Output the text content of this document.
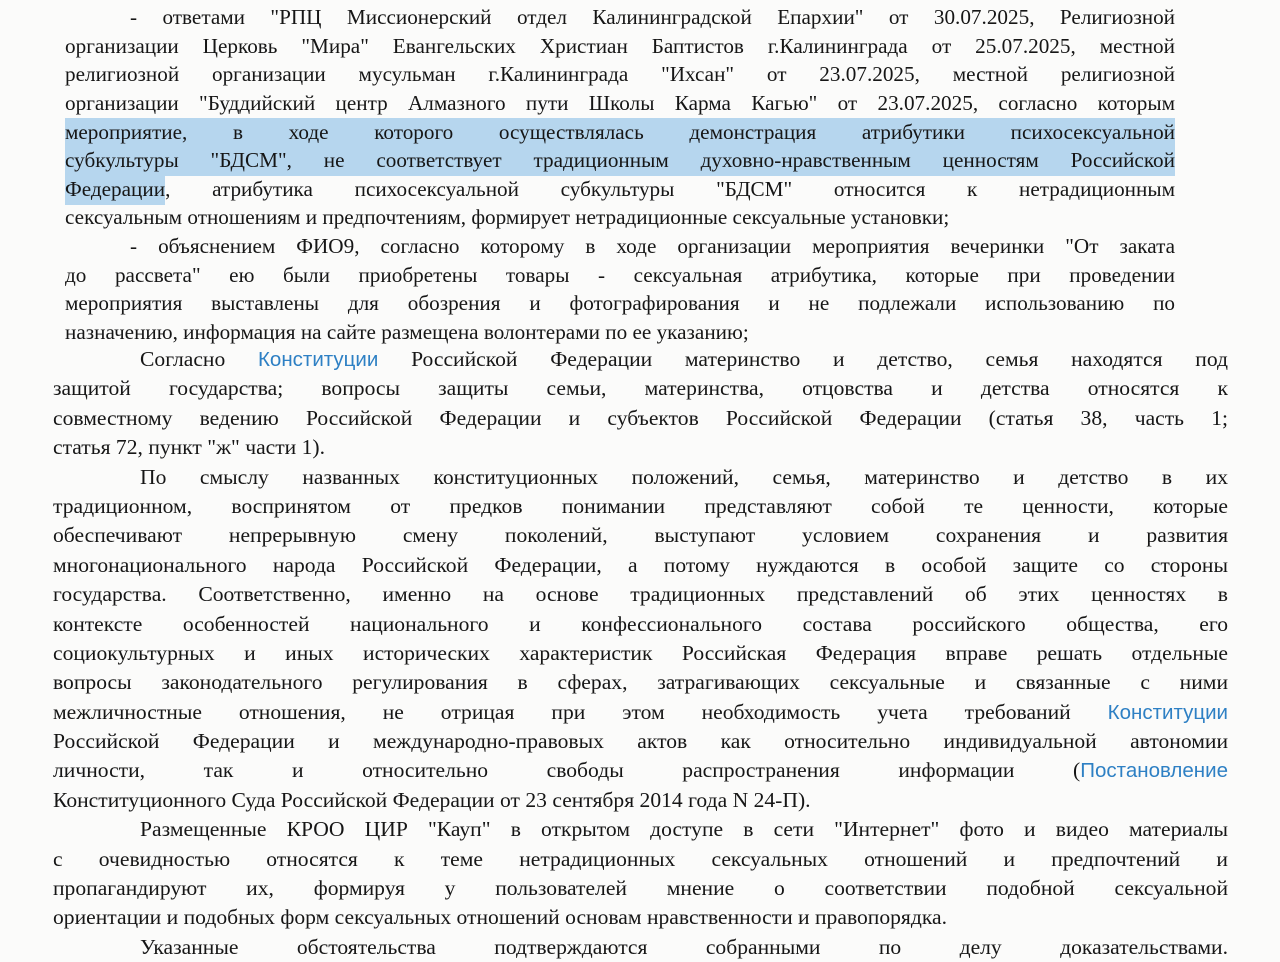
- ответами "РПЦ Миссионерский отдел Калининградской Епархии" от 30.07.2025, Религиозной
организации Церковь "Мира" Евангельских Христиан Баптистов г.Калининграда от 25.07.2025, местной
религиозной организации мусульман г.Калининграда "Ихсан" от 23.07.2025, местной религиозной
организации "Буддийский центр Алмазного пути Школы Карма Кагью" от 23.07.2025, согласно которым
мероприятие, в ходе которого осуществлялась демонстрация атрибутики психосексуальной
субкультуры "БДСМ", не соответствует традиционным духовно-нравственным ценностям Российской
Федерации, атрибутика психосексуальной субкультуры "БДСМ" относится к нетрадиционным
сексуальным отношениям и предпочтениям, формирует нетрадиционные сексуальные установки;
- объяснением ФИО9, согласно которому в ходе организации мероприятия вечеринки "От заката
до рассвета" ею были приобретены товары - сексуальная атрибутика, которые при проведении
мероприятия выставлены для обозрения и фотографирования и не подлежали использованию по
назначению, информация на сайте размещена волонтерами по ее указанию;
Согласно Конституции Российской Федерации материнство и детство, семья находятся под
защитой государства; вопросы защиты семьи, материнства, отцовства и детства относятся к
совместному ведению Российской Федерации и субъектов Российской Федерации (статья 38, часть 1;
статья 72, пункт "ж" части 1).
По смыслу названных конституционных положений, семья, материнство и детство в их
традиционном, воспринятом от предков понимании представляют собой те ценности, которые
обеспечивают непрерывную смену поколений, выступают условием сохранения и развития
многонационального народа Российской Федерации, а потому нуждаются в особой защите со стороны
государства. Соответственно, именно на основе традиционных представлений об этих ценностях в
контексте особенностей национального и конфессионального состава российского общества, его
социокультурных и иных исторических характеристик Российская Федерация вправе решать отдельные
вопросы законодательного регулирования в сферах, затрагивающих сексуальные и связанные с ними
межличностные отношения, не отрицая при этом необходимость учета требований Конституции
Российской Федерации и международно-правовых актов как относительно индивидуальной автономии
личности, так и относительно свободы распространения информации (Постановление
Конституционного Суда Российской Федерации от 23 сентября 2014 года N 24-П).
Размещенные КРОО ЦИР "Кауп" в открытом доступе в сети "Интернет" фото и видео материалы
с очевидностью относятся к теме нетрадиционных сексуальных отношений и предпочтений и
пропагандируют их, формируя у пользователей мнение о соответствии подобной сексуальной
ориентации и подобных форм сексуальных отношений основам нравственности и правопорядка.
Указанные обстоятельства подтверждаются собранными по делу доказательствами.
